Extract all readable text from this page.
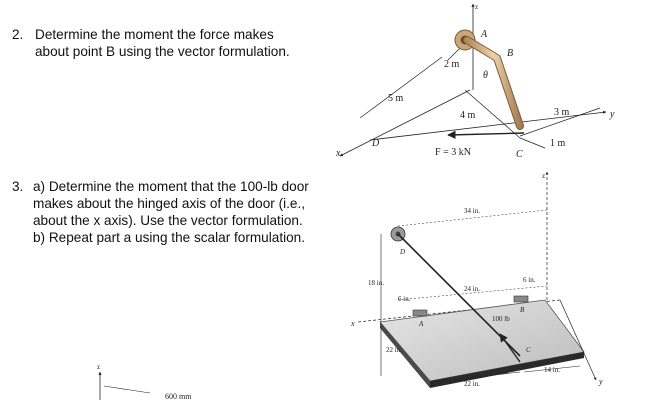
2. Determine the moment the force makes
about point B using the vector formulation.
3. a) Determine the moment that the 100-lb door
makes about the hinged axis of the door (i.e.,
about the x axis). Use the vector formulation.
b) Repeat part a using the scalar formulation.
z
x
y
A
B
θ
D
C
2 m
5 m
4 m	3 m
1 m
F = 3 kN
z
x
y
D
A
B
C
34 in.
24 in.
18 in.
6 in.
6 in.
100 lb
22 in.
22 in.
14 in.
z
600 mm
